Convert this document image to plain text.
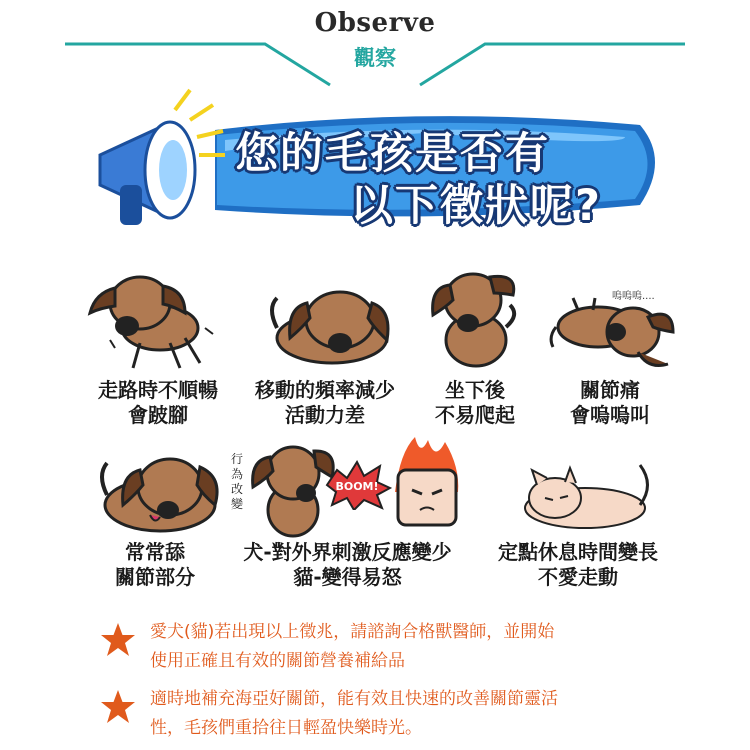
Observe
觀察
您的毛孩是否有
以下徵狀呢?
嗚嗚嗚....
走路時不順暢
會跛腳
移動的頻率減少
活動力差
坐下後
不易爬起
關節痛
會嗚嗚叫
行為改變
BOOM!
常常舔
關節部分
犬-對外界刺激反應變少
貓-變得易怒
定點休息時間變長
不愛走動
愛犬(貓)若出現以上徵兆，請諮詢合格獸醫師，並開始
使用正確且有效的關節營養補給品
適時地補充海亞好關節，能有效且快速的改善關節靈活
性，毛孩們重拾往日輕盈快樂時光。
